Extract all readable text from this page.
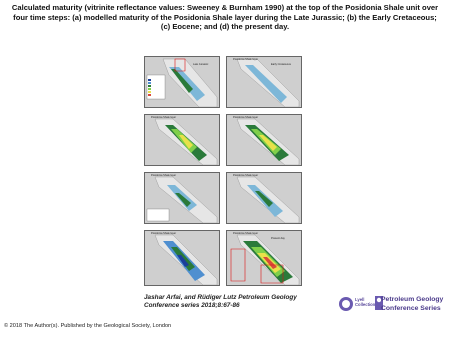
Calculated maturity (vitrinite reflectance values: Sweeney & Burnham 1990) at the top of the Posidonia Shale unit over four time steps: (a) modelled maturity of the Posidonia Shale layer during the Late Jurassic; (b) the Early Cretaceous; (c) Eocene; and (d) the present day.
Late Jurassic
Posidonia Shale layer
Early Cretaceous
Posidonia Shale layer	Posidonia Shale layer
Posidonia Shale layer	Posidonia Shale layer
Posidonia Shale layer	Posidonia Shale layer
Present day
Jashar Arfai, and Rüdiger Lutz Petroleum Geology Conference series 2018;8:67-86
Lyell
Collection
Petroleum Geology
Conference Series
© 2018 The Author(s). Published by the Geological Society, London
